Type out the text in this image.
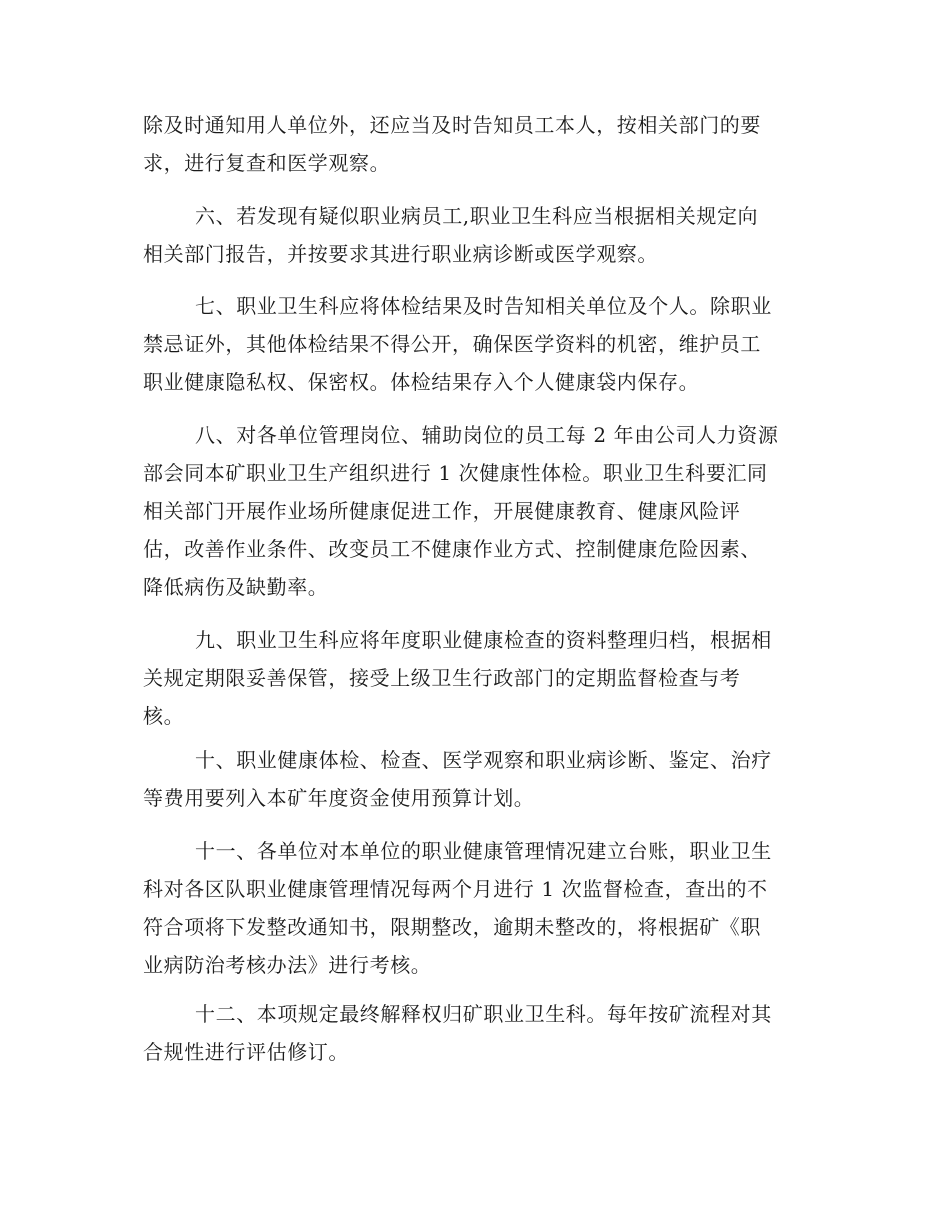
除及时通知用人单位外，还应当及时告知员工本人，按相关部门的要
求，进行复查和医学观察。
六、若发现有疑似职业病员工,职业卫生科应当根据相关规定向
相关部门报告，并按要求其进行职业病诊断或医学观察。
七、职业卫生科应将体检结果及时告知相关单位及个人。除职业
禁忌证外，其他体检结果不得公开，确保医学资料的机密，维护员工
职业健康隐私权、保密权。体检结果存入个人健康袋内保存。
八、对各单位管理岗位、辅助岗位的员工每 2 年由公司人力资源
部会同本矿职业卫生产组织进行 1 次健康性体检。职业卫生科要汇同
相关部门开展作业场所健康促进工作，开展健康教育、健康风险评
估，改善作业条件、改变员工不健康作业方式、控制健康危险因素、
降低病伤及缺勤率。
九、职业卫生科应将年度职业健康检查的资料整理归档，根据相
关规定期限妥善保管，接受上级卫生行政部门的定期监督检查与考
核。
十、职业健康体检、检查、医学观察和职业病诊断、鉴定、治疗
等费用要列入本矿年度资金使用预算计划。
十一、各单位对本单位的职业健康管理情况建立台账，职业卫生
科对各区队职业健康管理情况每两个月进行 1 次监督检查，查出的不
符合项将下发整改通知书，限期整改，逾期未整改的，将根据矿《职
业病防治考核办法》进行考核。
十二、本项规定最终解释权归矿职业卫生科。每年按矿流程对其
合规性进行评估修订。
